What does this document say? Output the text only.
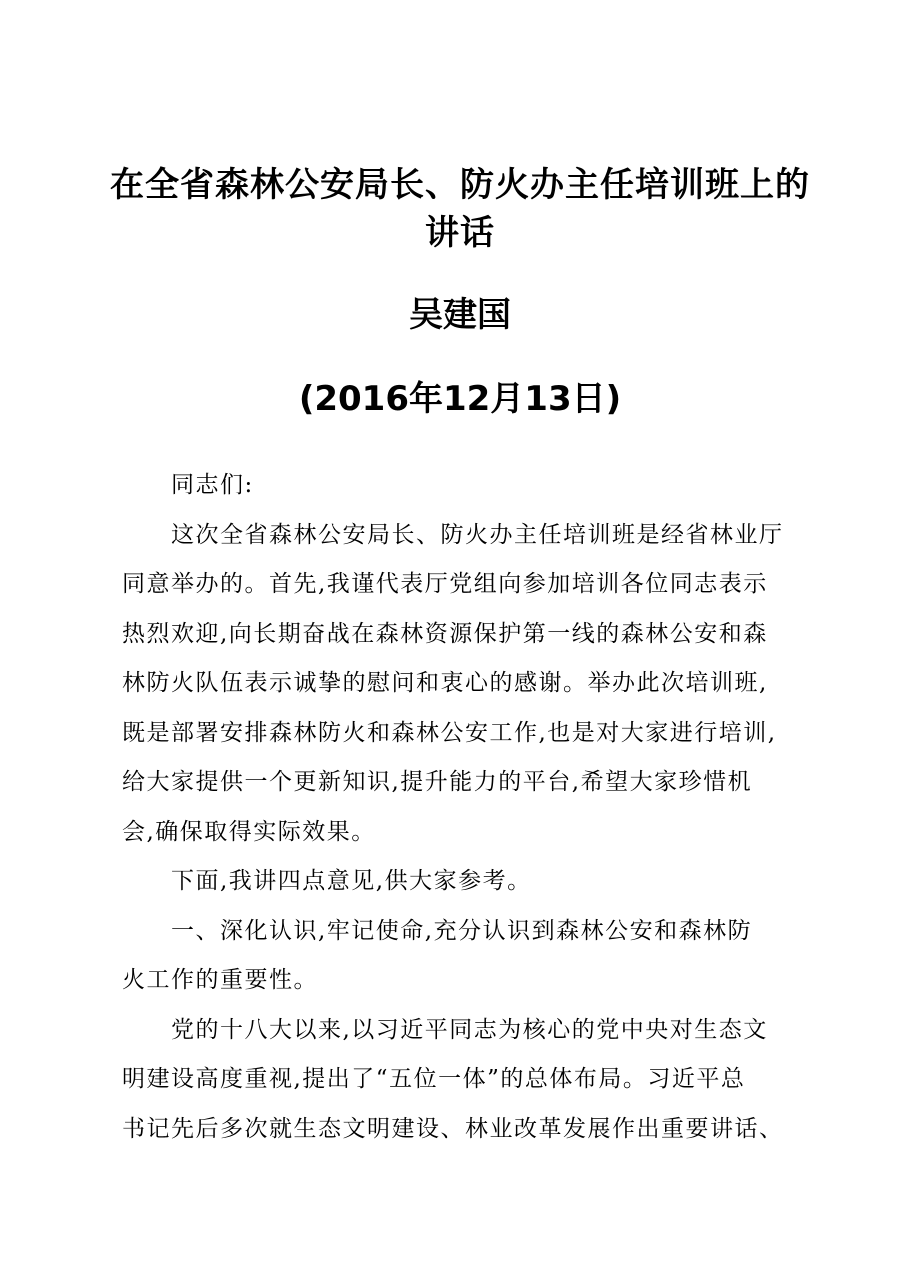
在全省森林公安局长、防火办主任培训班上的
讲话
吴建国
(2016年12月13日)
同志们:
这次全省森林公安局长、防火办主任培训班是经省林业厅
同意举办的。首先,我谨代表厅党组向参加培训各位同志表示
热烈欢迎,向长期奋战在森林资源保护第一线的森林公安和森
林防火队伍表示诚挚的慰问和衷心的感谢。举办此次培训班,
既是部署安排森林防火和森林公安工作,也是对大家进行培训,
给大家提供一个更新知识,提升能力的平台,希望大家珍惜机
会,确保取得实际效果。
下面,我讲四点意见,供大家参考。
一、深化认识,牢记使命,充分认识到森林公安和森林防
火工作的重要性。
党的十八大以来,以习近平同志为核心的党中央对生态文
明建设高度重视,提出了“五位一体”的总体布局。习近平总
书记先后多次就生态文明建设、林业改革发展作出重要讲话、
